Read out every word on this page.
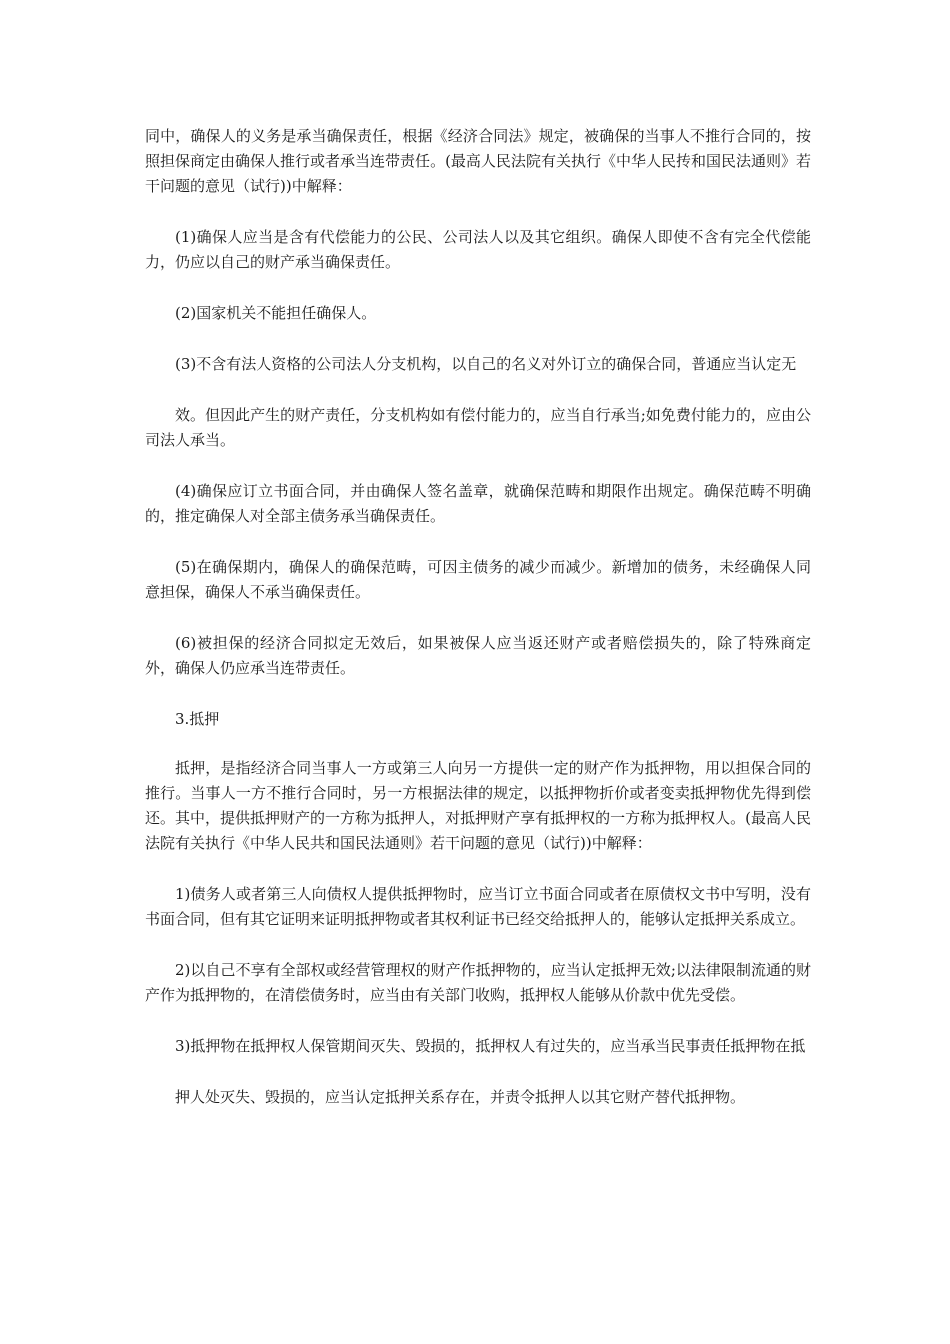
同中，确保人的义务是承当确保责任，根据《经济合同法》规定，被确保的当事人不推行合同的，按照担保商定由确保人推行或者承当连带责任。(最高人民法院有关执行《中华人民抟和国民法通则》若干问题的意见（试行))中解释：

(1)确保人应当是含有代偿能力的公民、公司法人以及其它组织。确保人即使不含有完全代偿能力，仍应以自己的财产承当确保责任。

(2)国家机关不能担任确保人。

(3)不含有法人资格的公司法人分支机构，以自己的名义对外订立的确保合同，普通应当认定无

效。但因此产生的财产责任，分支机构如有偿付能力的，应当自行承当;如免费付能力的，应由公司法人承当。

(4)确保应订立书面合同，并由确保人签名盖章，就确保范畴和期限作出规定。确保范畴不明确的，推定确保人对全部主债务承当确保责任。

(5)在确保期内，确保人的确保范畴，可因主债务的减少而减少。新增加的债务，未经确保人同意担保，确保人不承当确保责任。

(6)被担保的经济合同拟定无效后，如果被保人应当返还财产或者赔偿损失的，除了特殊商定外，确保人仍应承当连带责任。

3.抵押

抵押，是指经济合同当事人一方或第三人向另一方提供一定的财产作为抵押物，用以担保合同的推行。当事人一方不推行合同时，另一方根据法律的规定，以抵押物折价或者变卖抵押物优先得到偿还。其中，提供抵押财产的一方称为抵押人，对抵押财产享有抵押权的一方称为抵押权人。(最高人民法院有关执行《中华人民共和国民法通则》若干问题的意见（试行))中解释：

1)债务人或者第三人向债权人提供抵押物时，应当订立书面合同或者在原债权文书中写明，没有书面合同，但有其它证明来证明抵押物或者其权利证书已经交给抵押人的，能够认定抵押关系成立。

2)以自己不享有全部权或经营管理权的财产作抵押物的，应当认定抵押无效;以法律限制流通的财产作为抵押物的，在清偿债务时，应当由有关部门收购，抵押权人能够从价款中优先受偿。

3)抵押物在抵押权人保管期间灭失、毁损的，抵押权人有过失的，应当承当民事责任抵押物在抵

押人处灭失、毁损的，应当认定抵押关系存在，并责令抵押人以其它财产替代抵押物。
